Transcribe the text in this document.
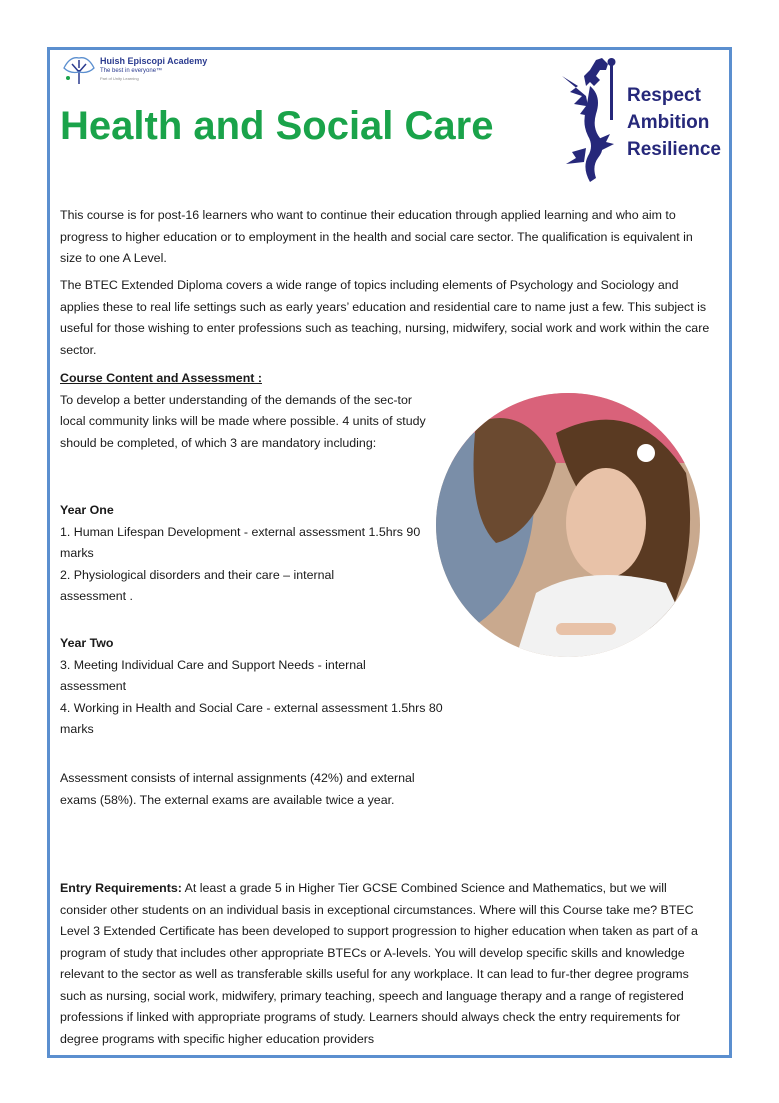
Huish Episcopi Academy
The best in everyone™
Part of Unity Learning
Health and Social Care
Respect
Ambition
Resilience

This course is for post-16 learners who want to continue their education through applied learning and who aim to progress to higher education or to employment in the health and social care sector. The qualification is equivalent in size to one A Level.

The BTEC Extended Diploma covers a wide range of topics including elements of Psychology and Sociology and applies these to real life settings such as early years’ education and residential care to name just a few. This subject is useful for those wishing to enter professions such as teaching, nursing, midwifery, social work and work within the care sector.

Course Content and Assessment :
To develop a better understanding of the demands of the sec-tor local community links will be made where possible. 4 units of study should be completed, of which 3 are mandatory including:
Year One
1. Human Lifespan Development - external assessment 1.5hrs 90 marks
2. Physiological disorders and their care – internal assessment .
Year Two
3. Meeting Individual Care and Support Needs - internal assessment
4. Working in Health and Social Care - external assessment 1.5hrs 80 marks

Assessment consists of internal assignments (42%) and external exams (58%). The external exams are available twice a year.

Entry Requirements: At least a grade 5 in Higher Tier GCSE Combined Science and Mathematics, but we will consider other students on an individual basis in exceptional circumstances. Where will this Course take me? BTEC Level 3 Extended Certificate has been developed to support progression to higher education when taken as part of a program of study that includes other appropriate BTECs or A-levels. You will develop specific skills and knowledge relevant to the sector as well as transferable skills useful for any workplace. It can lead to fur-ther degree programs such as nursing, social work, midwifery, primary teaching, speech and language therapy and a range of registered professions if linked with appropriate programs of study. Learners should always check the entry requirements for degree programs with specific higher education providers
